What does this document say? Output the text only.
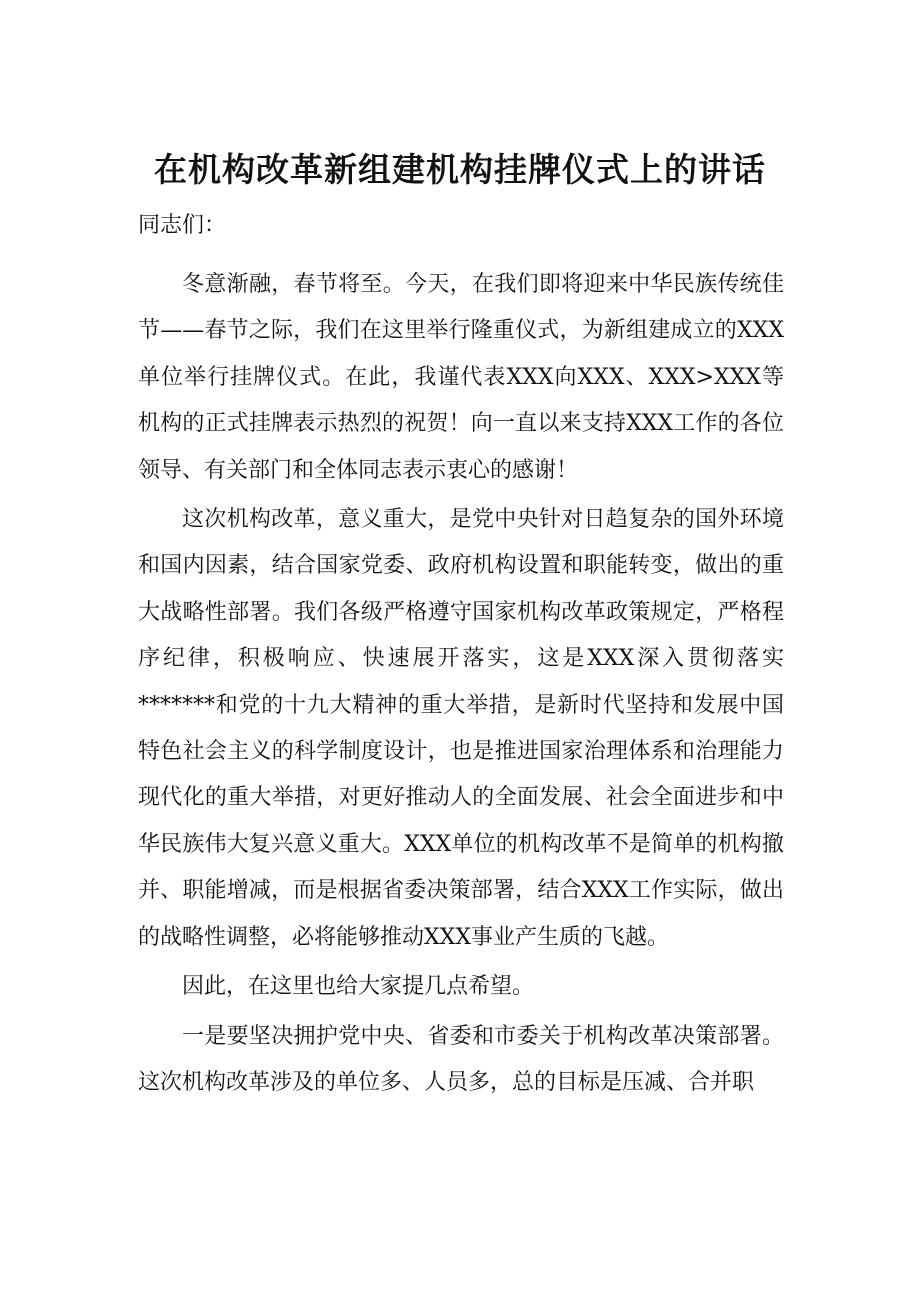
在机构改革新组建机构挂牌仪式上的讲话

同志们：

冬意渐融，春节将至。今天，在我们即将迎来中华民族传统佳节——春节之际，我们在这里举行隆重仪式，为新组建成立的XXX单位举行挂牌仪式。在此，我谨代表XXX向XXX、XXX>XXX等机构的正式挂牌表示热烈的祝贺！向一直以来支持XXX工作的各位领导、有关部门和全体同志表示衷心的感谢！

这次机构改革，意义重大，是党中央针对日趋复杂的国外环境和国内因素，结合国家党委、政府机构设置和职能转变，做出的重大战略性部署。我们各级严格遵守国家机构改革政策规定，严格程序纪律，积极响应、快速展开落实，这是XXX深入贯彻落实*******和党的十九大精神的重大举措，是新时代坚持和发展中国特色社会主义的科学制度设计，也是推进国家治理体系和治理能力现代化的重大举措，对更好推动人的全面发展、社会全面进步和中华民族伟大复兴意义重大。XXX单位的机构改革不是简单的机构撤并、职能增减，而是根据省委决策部署，结合XXX工作实际，做出的战略性调整，必将能够推动XXX事业产生质的飞越。

因此，在这里也给大家提几点希望。

一是要坚决拥护党中央、省委和市委关于机构改革决策部署。这次机构改革涉及的单位多、人员多，总的目标是压减、合并职
